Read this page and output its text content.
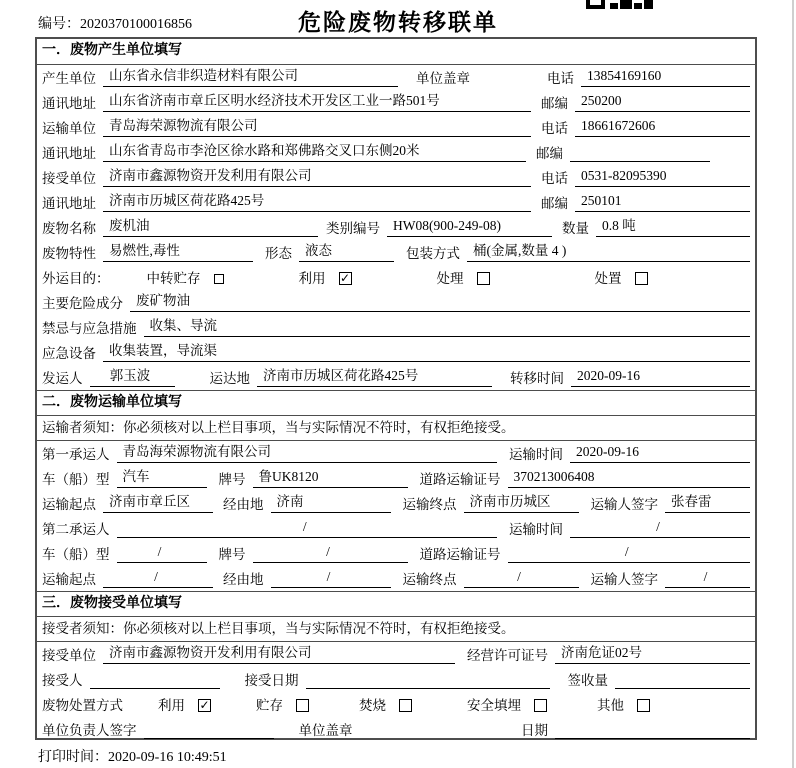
编号：2020370100016856	危险废物转移联单
一．废物产生单位填写
产生单位 山东省永信非织造材料有限公司	单位盖章	电话 13854169160
通讯地址 山东省济南市章丘区明水经济技术开发区工业一路501号	邮编 250200
运输单位 青岛海荣源物流有限公司	电话 18661672606
通讯地址 山东省青岛市李沧区徐水路和郑佛路交叉口东侧20米	邮编
接受单位 济南市鑫源物资开发利用有限公司	电话 0531-82095390
通讯地址 济南市历城区荷花路425号	邮编 250101
废物名称 废机油	类别编号 HW08(900-249-08)	数量 0.8 吨
废物特性 易燃性,毒性	形态 液态	包装方式 桶(金属,数量 4 )
外运目的：	中转贮存	利用	✓	处理	处置
主要危险成分 废矿物油
禁忌与应急措施 收集、导流
应急设备 收集装置，导流渠
发运人	郭玉波	运达地 济南市历城区荷花路425号	转移时间 2020-09-16
二．废物运输单位填写
运输者须知：你必须核对以上栏目事项，当与实际情况不符时，有权拒绝接受。
第一承运人 青岛海荣源物流有限公司	运输时间 2020-09-16
车（船）型 汽车	牌号 鲁UK8120	道路运输证号 370213006408
运输起点 济南市章丘区	经由地 济南	运输终点 济南市历城区	运输人签字 张春雷
第二承运人	/	运输时间	/
车（船）型	/	牌号	/	道路运输证号	/
运输起点	/	经由地	/	运输终点	/	运输人签字	/
三．废物接受单位填写
接受者须知：你必须核对以上栏目事项，当与实际情况不符时，有权拒绝接受。
接受单位 济南市鑫源物资开发利用有限公司	经营许可证号 济南危证02号
接受人	接受日期	签收量
废物处置方式	利用	✓	贮存	焚烧	安全填埋	其他
单位负责人签字	单位盖章	日期
打印时间：2020-09-16 10:49:51
